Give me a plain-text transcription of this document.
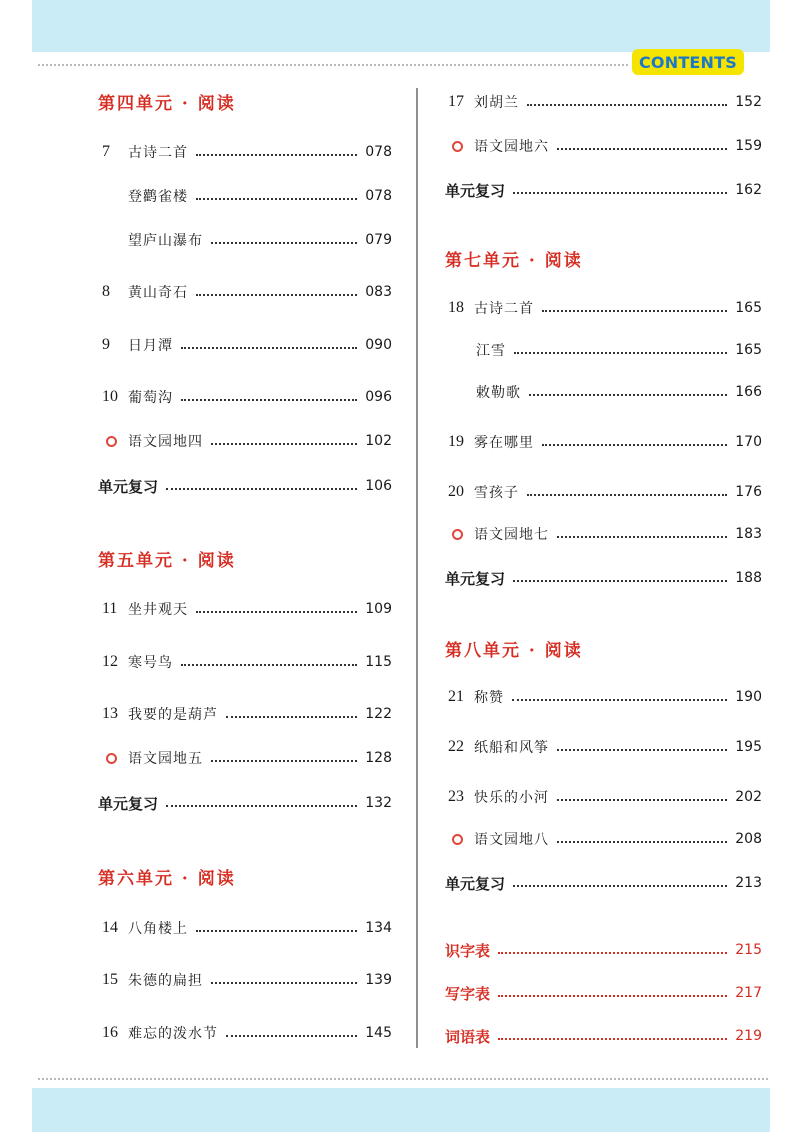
CONTENTS
第四单元 · 阅读
7	古诗二首	078
登鹳雀楼	078
望庐山瀑布	079
8	黄山奇石	083
9	日月潭	090
10 葡萄沟	096
语文园地四	102
单元复习	106
第五单元 · 阅读
11 坐井观天	109
12 寒号鸟	115
13 我要的是葫芦	122
语文园地五	128
单元复习	132
第六单元 · 阅读
14 八角楼上	134
15 朱德的扁担	139
16 难忘的泼水节	145
17 刘胡兰	152
语文园地六	159
单元复习	162
第七单元 · 阅读
18 古诗二首	165
江雪	165
敕勒歌	166
19 雾在哪里	170
20 雪孩子	176
语文园地七	183
单元复习	188
第八单元 · 阅读
21 称赞	190
22 纸船和风筝	195
23 快乐的小河	202
语文园地八	208
单元复习	213
识字表	215
写字表	217
词语表	219
